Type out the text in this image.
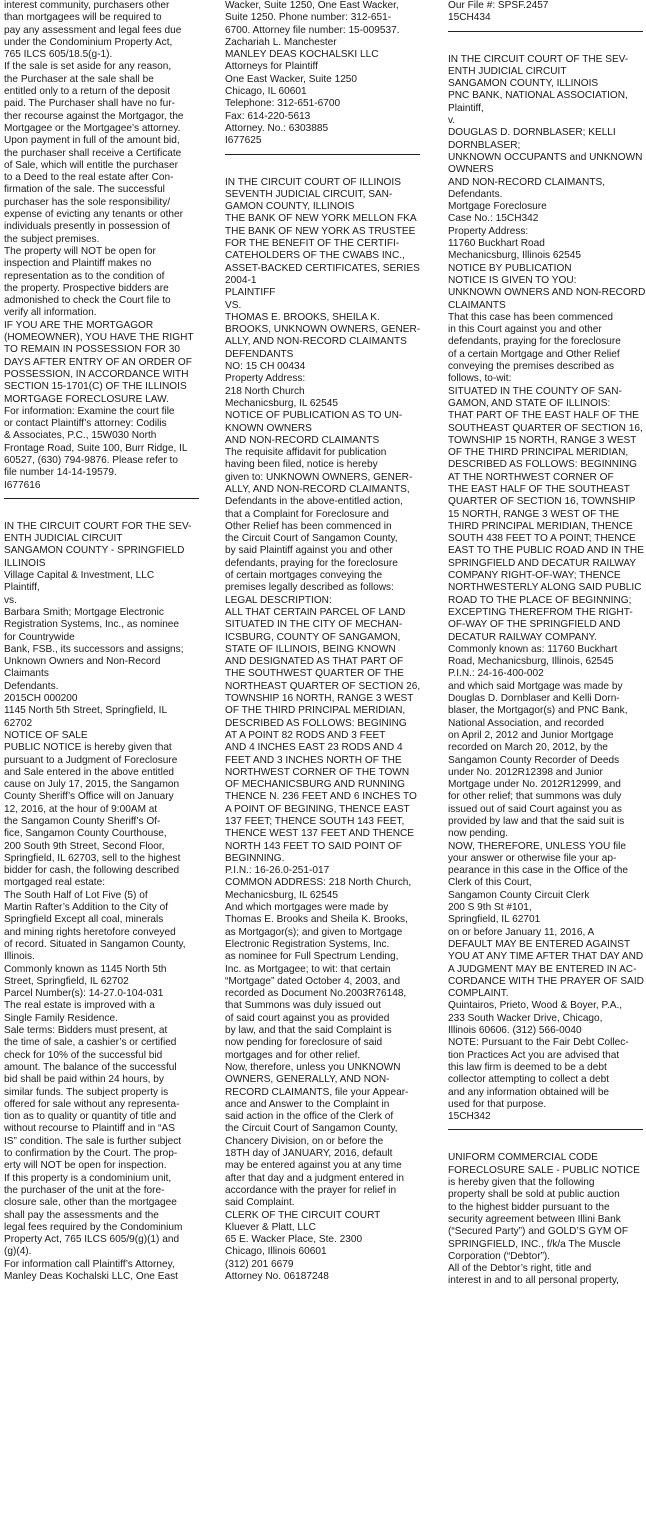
interest community, purchasers other
than mortgagees will be required to
pay any assessment and legal fees due
under the Condominium Property Act,
765 ILCS 605/18.5(g-1).
If the sale is set aside for any reason,
the Purchaser at the sale shall be
entitled only to a return of the deposit
paid. The Purchaser shall have no fur-
ther recourse against the Mortgagor, the
Mortgagee or the Mortgagee’s attorney.
Upon payment in full of the amount bid,
the purchaser shall receive a Certificate
of Sale, which will entitle the purchaser
to a Deed to the real estate after Con-
firmation of the sale. The successful
purchaser has the sole responsibility/
expense of evicting any tenants or other
individuals presently in possession of
the subject premises.
The property will NOT be open for
inspection and Plaintiff makes no
representation as to the condition of
the property. Prospective bidders are
admonished to check the Court file to
verify all information.
IF YOU ARE THE MORTGAGOR
(HOMEOWNER), YOU HAVE THE RIGHT
TO REMAIN IN POSSESSION FOR 30
DAYS AFTER ENTRY OF AN ORDER OF
POSSESSION, IN ACCORDANCE WITH
SECTION 15-1701(C) OF THE ILLINOIS
MORTGAGE FORECLOSURE LAW.
For information: Examine the court file
or contact Plaintiff’s attorney: Codilis
& Associates, P.C., 15W030 North
Frontage Road, Suite 100, Burr Ridge, IL
60527, (630) 794-9876. Please refer to
file number 14-14-19579.
I677616
IN THE CIRCUIT COURT FOR THE SEV-
ENTH JUDICIAL CIRCUIT
SANGAMON COUNTY - SPRINGFIELD
ILLINOIS
Village Capital & Investment, LLC
Plaintiff,
vs.
Barbara Smith; Mortgage Electronic
Registration Systems, Inc., as nominee
for Countrywide
Bank, FSB., its successors and assigns;
Unknown Owners and Non-Record
Claimants
Defendants.
2015CH 000200
1145 North 5th Street, Springfield, IL
62702
NOTICE OF SALE
PUBLIC NOTICE is hereby given that
pursuant to a Judgment of Foreclosure
and Sale entered in the above entitled
cause on July 17, 2015, the Sangamon
County Sheriff’s Office will on January
12, 2016, at the hour of 9:00AM at
the Sangamon County Sheriff’s Of-
fice, Sangamon County Courthouse,
200 South 9th Street, Second Floor,
Springfield, IL 62703, sell to the highest
bidder for cash, the following described
mortgaged real estate:
The South Half of Lot Five (5) of
Martin Rafter’s Addition to the City of
Springfield Except all coal, minerals
and mining rights heretofore conveyed
of record. Situated in Sangamon County,
Illinois.
Commonly known as 1145 North 5th
Street, Springfield, IL 62702
Parcel Number(s): 14-27.0-104-031
The real estate is improved with a
Single Family Residence.
Sale terms: Bidders must present, at
the time of sale, a cashier’s or certified
check for 10% of the successful bid
amount. The balance of the successful
bid shall be paid within 24 hours, by
similar funds. The subject property is
offered for sale without any representa-
tion as to quality or quantity of title and
without recourse to Plaintiff and in “AS
IS” condition. The sale is further subject
to confirmation by the Court. The prop-
erty will NOT be open for inspection.
If this property is a condominium unit,
the purchaser of the unit at the fore-
closure sale, other than the mortgagee
shall pay the assessments and the
legal fees required by the Condominium
Property Act, 765 ILCS 605/9(g)(1) and
(g)(4).
For information call Plaintiff’s Attorney,
Manley Deas Kochalski LLC, One East
Wacker, Suite 1250, One East Wacker,
Suite 1250. Phone number: 312-651-
6700. Attorney file number: 15-009537.
Zachariah L. Manchester
MANLEY DEAS KOCHALSKI LLC
Attorneys for Plaintiff
One East Wacker, Suite 1250
Chicago, IL 60601
Telephone: 312-651-6700
Fax: 614-220-5613
Attorney. No.: 6303885
I677625
IN THE CIRCUIT COURT OF ILLINOIS
SEVENTH JUDICIAL CIRCUIT, SAN-
GAMON COUNTY, ILLINOIS
THE BANK OF NEW YORK MELLON FKA
THE BANK OF NEW YORK AS TRUSTEE
FOR THE BENEFIT OF THE CERTIFI-
CATEHOLDERS OF THE CWABS INC.,
ASSET-BACKED CERTIFICATES, SERIES
2004-1
PLAINTIFF
VS.
THOMAS E. BROOKS, SHEILA K.
BROOKS, UNKNOWN OWNERS, GENER-
ALLY, AND NON-RECORD CLAIMANTS
DEFENDANTS
NO: 15 CH 00434
Property Address:
218 North Church
Mechanicsburg, IL 62545
NOTICE OF PUBLICATION AS TO UN-
KNOWN OWNERS
AND NON-RECORD CLAIMANTS
The requisite affidavit for publication
having been filed, notice is hereby
given to: UNKNOWN OWNERS, GENER-
ALLY, AND NON-RECORD CLAIMANTS,
Defendants in the above-entitled action,
that a Complaint for Foreclosure and
Other Relief has been commenced in
the Circuit Court of Sangamon County,
by said Plaintiff against you and other
defendants, praying for the foreclosure
of certain mortgages conveying the
premises legally described as follows:
LEGAL DESCRIPTION:
ALL THAT CERTAIN PARCEL OF LAND
SITUATED IN THE CITY OF MECHAN-
ICSBURG, COUNTY OF SANGAMON,
STATE OF ILLINOIS, BEING KNOWN
AND DESIGNATED AS THAT PART OF
THE SOUTHWEST QUARTER OF THE
NORTHEAST QUARTER OF SECTION 26,
TOWNSHIP 16 NORTH, RANGE 3 WEST
OF THE THIRD PRINCIPAL MERIDIAN,
DESCRIBED AS FOLLOWS: BEGINING
AT A POINT 82 RODS AND 3 FEET
AND 4 INCHES EAST 23 RODS AND 4
FEET AND 3 INCHES NORTH OF THE
NORTHWEST CORNER OF THE TOWN
OF MECHANICSBURG AND RUNNING
THENCE N. 236 FEET AND 6 INCHES TO
A POINT OF BEGINING, THENCE EAST
137 FEET; THENCE SOUTH 143 FEET,
THENCE WEST 137 FEET AND THENCE
NORTH 143 FEET TO SAID POINT OF
BEGINNING.
P.I.N.: 16-26.0-251-017
COMMON ADDRESS: 218 North Church,
Mechanicsburg, IL 62545
And which mortgages were made by
Thomas E. Brooks and Sheila K. Brooks,
as Mortgagor(s); and given to Mortgage
Electronic Registration Systems, Inc.
as nominee for Full Spectrum Lending,
Inc. as Mortgagee; to wit: that certain
“Mortgage” dated October 4, 2003, and
recorded as Document No.2003R76148,
that Summons was duly issued out
of said court against you as provided
by law, and that the said Complaint is
now pending for foreclosure of said
mortgages and for other relief.
Now, therefore, unless you UNKNOWN
OWNERS, GENERALLY, AND NON-
RECORD CLAIMANTS, file your Appear-
ance and Answer to the Complaint in
said action in the office of the Clerk of
the Circuit Court of Sangamon County,
Chancery Division, on or before the
18TH day of JANUARY, 2016, default
may be entered against you at any time
after that day and a judgment entered in
accordance with the prayer for relief in
said Complaint.
CLERK OF THE CIRCUIT COURT
Kluever & Platt, LLC
65 E. Wacker Place, Ste. 2300
Chicago, Illinois 60601
(312) 201 6679
Attorney No. 06187248
Our File #: SPSF.2457
15CH434
IN THE CIRCUIT COURT OF THE SEV-
ENTH JUDICIAL CIRCUIT
SANGAMON COUNTY, ILLINOIS
PNC BANK, NATIONAL ASSOCIATION,
Plaintiff,
v.
DOUGLAS D. DORNBLASER; KELLI
DORNBLASER;
UNKNOWN OCCUPANTS and UNKNOWN
OWNERS
AND NON-RECORD CLAIMANTS,
Defendants.
Mortgage Foreclosure
Case No.: 15CH342
Property Address:
11760 Buckhart Road
Mechanicsburg, Illinois 62545
NOTICE BY PUBLICATION
NOTICE IS GIVEN TO YOU:
UNKNOWN OWNERS AND NON-RECORD
CLAIMANTS
That this case has been commenced
in this Court against you and other
defendants, praying for the foreclosure
of a certain Mortgage and Other Relief
conveying the premises described as
follows, to-wit:
SITUATED IN THE COUNTY OF SAN-
GAMON, AND STATE OF ILLINOIS:
THAT PART OF THE EAST HALF OF THE
SOUTHEAST QUARTER OF SECTION 16,
TOWNSHIP 15 NORTH, RANGE 3 WEST
OF THE THIRD PRINCIPAL MERIDIAN,
DESCRIBED AS FOLLOWS: BEGINNING
AT THE NORTHWEST CORNER OF
THE EAST HALF OF THE SOUTHEAST
QUARTER OF SECTION 16, TOWNSHIP
15 NORTH, RANGE 3 WEST OF THE
THIRD PRINCIPAL MERIDIAN, THENCE
SOUTH 438 FEET TO A POINT; THENCE
EAST TO THE PUBLIC ROAD AND IN THE
SPRINGFIELD AND DECATUR RAILWAY
COMPANY RIGHT-OF-WAY; THENCE
NORTHWESTERLY ALONG SAID PUBLIC
ROAD TO THE PLACE OF BEGINNING;
EXCEPTING THEREFROM THE RIGHT-
OF-WAY OF THE SPRINGFIELD AND
DECATUR RAILWAY COMPANY.
Commonly known as: 11760 Buckhart
Road, Mechanicsburg, Illinois, 62545
P.I.N.: 24-16-400-002
and which said Mortgage was made by
Douglas D. Dornblaser and Kelli Dorn-
blaser, the Mortgagor(s) and PNC Bank,
National Association, and recorded
on April 2, 2012 and Junior Mortgage
recorded on March 20, 2012, by the
Sangamon County Recorder of Deeds
under No. 2012R12398 and Junior
Mortgage under No. 2012R12999, and
for other relief; that summons was duly
issued out of said Court against you as
provided by law and that the said suit is
now pending.
NOW, THEREFORE, UNLESS YOU file
your answer or otherwise file your ap-
pearance in this case in the Office of the
Clerk of this Court,
Sangamon County Circuit Clerk
200 S 9th St #101,
Springfield, IL 62701
on or before January 11, 2016, A
DEFAULT MAY BE ENTERED AGAINST
YOU AT ANY TIME AFTER THAT DAY AND
A JUDGMENT MAY BE ENTERED IN AC-
CORDANCE WITH THE PRAYER OF SAID
COMPLAINT.
Quintairos, Prieto, Wood & Boyer, P.A.,
233 South Wacker Drive, Chicago,
Illinois 60606. (312) 566-0040
NOTE: Pursuant to the Fair Debt Collec-
tion Practices Act you are advised that
this law firm is deemed to be a debt
collector attempting to collect a debt
and any information obtained will be
used for that purpose.
15CH342
UNIFORM COMMERCIAL CODE
FORECLOSURE SALE - PUBLIC NOTICE
is hereby given that the following
property shall be sold at public auction
to the highest bidder pursuant to the
security agreement between Illini Bank
(“Secured Party”) and GOLD’S GYM OF
SPRINGFIELD, INC., f/k/a The Muscle
Corporation (“Debtor”).
All of the Debtor’s right, title and
interest in and to all personal property,
